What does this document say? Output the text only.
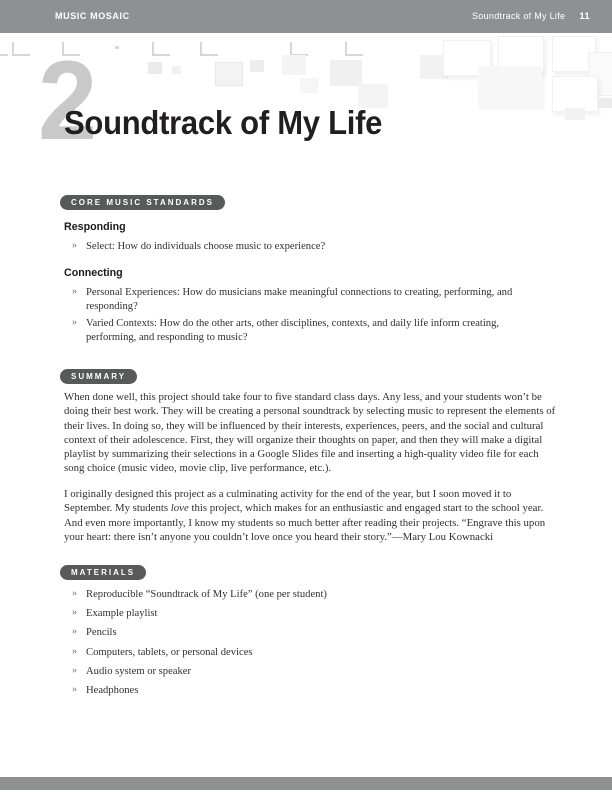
MUSIC MOSAIC	Soundtrack of My Life 11
2
Soundtrack of My Life
CORE MUSIC STANDARDS
Responding
» Select: How do individuals choose music to experience?
Connecting
» Personal Experiences: How do musicians make meaningful connections to creating, performing, and responding?
» Varied Contexts: How do the other arts, other disciplines, contexts, and daily life inform creating, performing, and responding to music?
SUMMARY
When done well, this project should take four to five standard class days. Any less, and your students won’t be doing their best work. They will be creating a personal soundtrack by selecting music to represent the elements of their lives. In doing so, they will be influenced by their interests, experiences, peers, and the social and cultural context of their adolescence. First, they will organize their thoughts on paper, and then they will make a digital playlist by summarizing their selections in a Google Slides file and inserting a high-quality video file for each song choice (music video, movie clip, live performance, etc.).
I originally designed this project as a culminating activity for the end of the year, but I soon moved it to September. My students love this project, which makes for an enthusiastic and engaged start to the school year. And even more importantly, I know my students so much better after reading their projects. “Engrave this upon your heart: there isn’t anyone you couldn’t love once you heard their story.”—Mary Lou Kownacki
MATERIALS
» Reproducible “Soundtrack of My Life” (one per student)
» Example playlist
» Pencils
» Computers, tablets, or personal devices
» Audio system or speaker
» Headphones
